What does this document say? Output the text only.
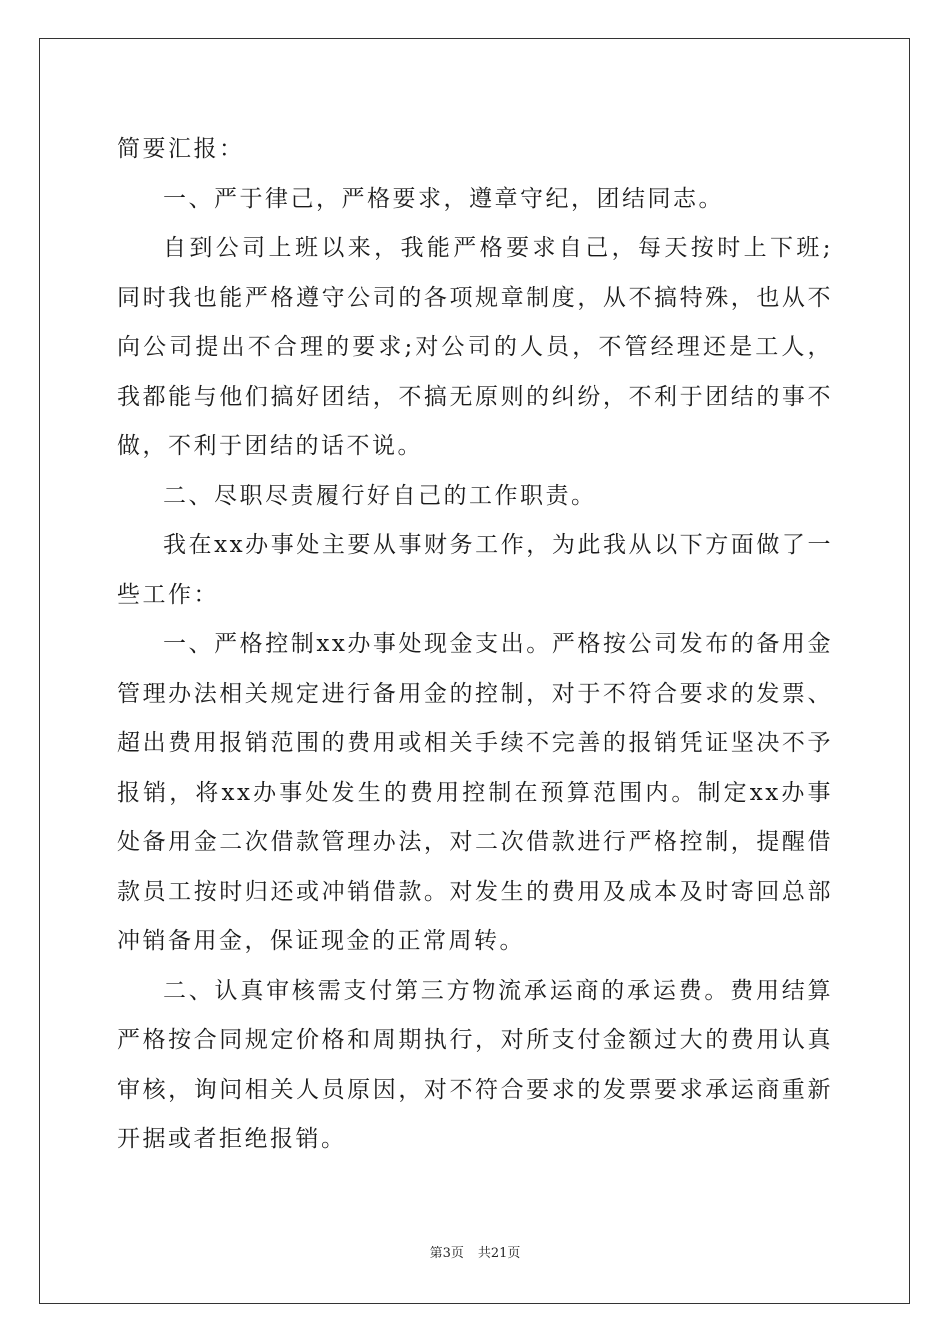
简要汇报：

一、严于律己，严格要求，遵章守纪，团结同志。

自到公司上班以来，我能严格要求自己，每天按时上下班;同时我也能严格遵守公司的各项规章制度，从不搞特殊，也从不向公司提出不合理的要求;对公司的人员，不管经理还是工人，我都能与他们搞好团结，不搞无原则的纠纷，不利于团结的事不做，不利于团结的话不说。

二、尽职尽责履行好自己的工作职责。

我在xx办事处主要从事财务工作，为此我从以下方面做了一些工作：

一、严格控制xx办事处现金支出。严格按公司发布的备用金管理办法相关规定进行备用金的控制，对于不符合要求的发票、超出费用报销范围的费用或相关手续不完善的报销凭证坚决不予报销，将xx办事处发生的费用控制在预算范围内。制定xx办事处备用金二次借款管理办法，对二次借款进行严格控制，提醒借款员工按时归还或冲销借款。对发生的费用及成本及时寄回总部冲销备用金，保证现金的正常周转。

二、认真审核需支付第三方物流承运商的承运费。费用结算严格按合同规定价格和周期执行，对所支付金额过大的费用认真审核，询问相关人员原因，对不符合要求的发票要求承运商重新开据或者拒绝报销。

第3页 共21页
